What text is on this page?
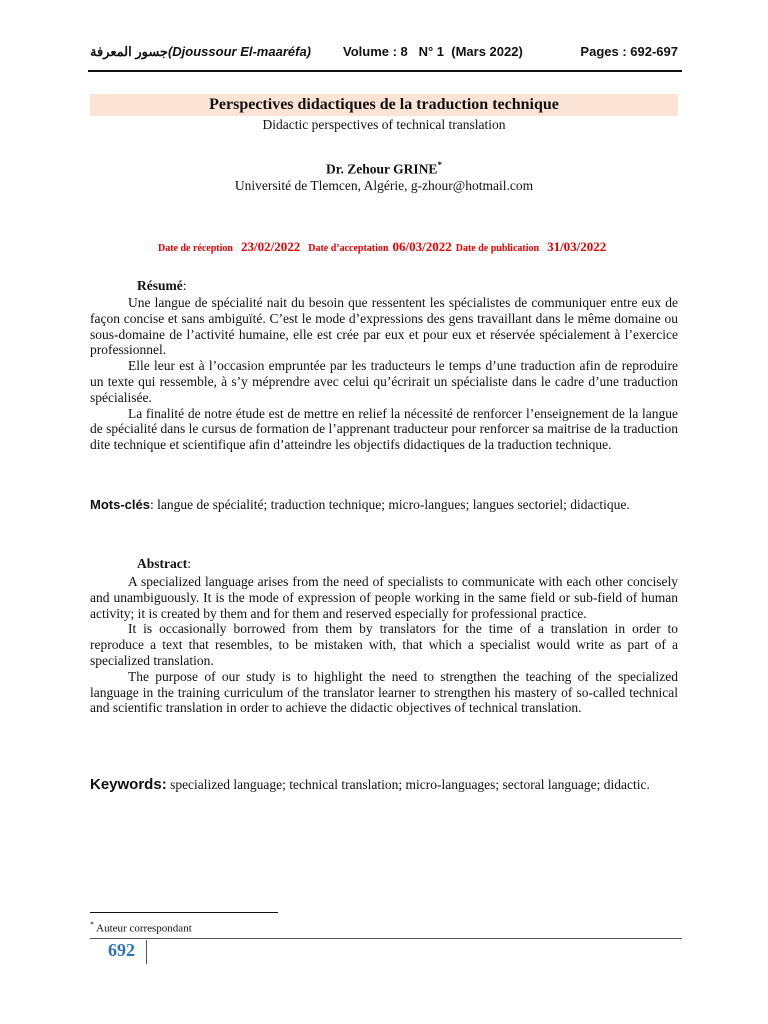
جسور المعرفة(Djoussour El-maaréfa) Volume : 8   N° 1  (Mars 2022)	Pages : 692-697
Perspectives didactiques de la traduction technique
Didactic perspectives of technical translation
Dr. Zehour GRINE*
Université de Tlemcen, Algérie, g-zhour@hotmail.com
Date de réception 23/02/2022 Date d’acceptation 06/03/2022 Date de publication 31/03/2022
Résumé:

Une langue de spécialité nait du besoin que ressentent les spécialistes de communiquer entre eux de façon concise et sans ambiguïté. C’est le mode d’expressions des gens travaillant dans le même domaine ou sous-domaine de l’activité humaine, elle est crée par eux et pour eux et réservée spécialement à l’exercice professionnel.

Elle leur est à l’occasion empruntée par les traducteurs le temps d’une traduction afin de reproduire un texte qui ressemble, à s’y méprendre avec celui qu’écrirait un spécialiste dans le cadre d’une traduction spécialisée.

La finalité de notre étude est de mettre en relief la nécessité de renforcer l’enseignement de la langue de spécialité dans le cursus de formation de l’apprenant traducteur pour renforcer sa maitrise de la traduction dite technique et scientifique afin d’atteindre les objectifs didactiques de la traduction technique.

Mots-clés: langue de spécialité; traduction technique; micro-langues; langues sectoriel; didactique.
Abstract:

A specialized language arises from the need of specialists to communicate with each other concisely and unambiguously. It is the mode of expression of people working in the same field or sub-field of human activity; it is created by them and for them and reserved especially for professional practice.

It is occasionally borrowed from them by translators for the time of a translation in order to reproduce a text that resembles, to be mistaken with, that which a specialist would write as part of a specialized translation.

The purpose of our study is to highlight the need to strengthen the teaching of the specialized language in the training curriculum of the translator learner to strengthen his mastery of so-called technical and scientific translation in order to achieve the didactic objectives of technical translation.

Keywords: specialized language; technical translation; micro-languages; sectoral language; didactic.
* Auteur correspondant
692
